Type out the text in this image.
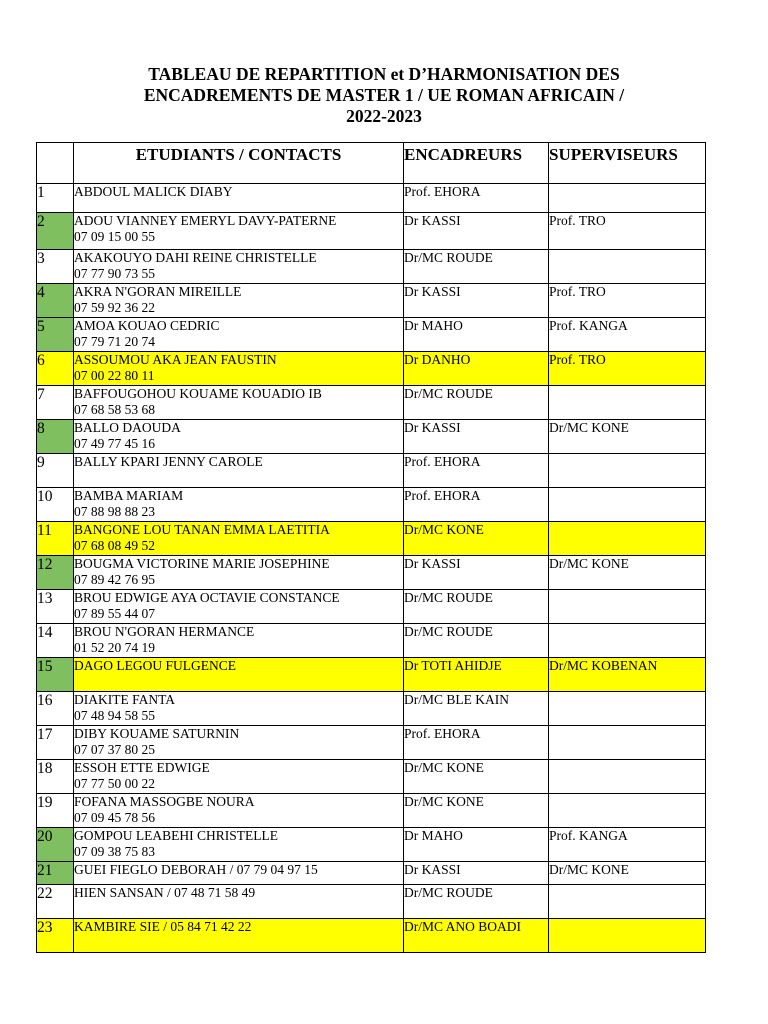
TABLEAU DE REPARTITION et D’HARMONISATION DES
ENCADREMENTS DE MASTER 1 / UE ROMAN AFRICAIN /
2022-2023

	ETUDIANTS / CONTACTS	ENCADREURS	SUPERVISEURS

1	ABDOUL MALICK DIABY	Prof. EHORA	
2	ADOU VIANNEY EMERYL DAVY-PATERNE
07 09 15 00 55	Dr KASSI	Prof. TRO
3	AKAKOUYO DAHI REINE CHRISTELLE
07 77 90 73 55	Dr/MC ROUDE	
4	AKRA N'GORAN MIREILLE
07 59 92 36 22	Dr KASSI	Prof. TRO
5	AMOA KOUAO CEDRIC
07 79 71 20 74	Dr MAHO	Prof. KANGA
6	ASSOUMOU AKA JEAN FAUSTIN
07 00 22 80 11	Dr DANHO	Prof. TRO
7	BAFFOUGOHOU KOUAME KOUADIO IB
07 68 58 53 68	Dr/MC ROUDE	
8	BALLO DAOUDA
07 49 77 45 16	Dr KASSI	Dr/MC KONE
9	BALLY KPARI JENNY CAROLE	Prof. EHORA	
10	BAMBA MARIAM
07 88 98 88 23	Prof. EHORA	
11	BANGONE LOU TANAN EMMA LAETITIA
07 68 08 49 52	Dr/MC KONE	
12	BOUGMA VICTORINE MARIE JOSEPHINE
07 89 42 76 95	Dr KASSI	Dr/MC KONE
13	BROU EDWIGE AYA OCTAVIE CONSTANCE
07 89 55 44 07	Dr/MC ROUDE	
14	BROU N'GORAN HERMANCE
01 52 20 74 19	Dr/MC ROUDE	
15	DAGO LEGOU FULGENCE	Dr TOTI AHIDJE	Dr/MC KOBENAN
16	DIAKITE FANTA
07 48 94 58 55	Dr/MC BLE KAIN	
17	DIBY KOUAME SATURNIN
07 07 37 80 25	Prof. EHORA	
18	ESSOH ETTE EDWIGE
07 77 50 00 22	Dr/MC KONE	
19	FOFANA MASSOGBE NOURA
07 09 45 78 56	Dr/MC KONE	
20	GOMPOU LEABEHI CHRISTELLE
07 09 38 75 83	Dr MAHO	Prof. KANGA
21	GUEI FIEGLO DEBORAH / 07 79 04 97 15	Dr KASSI	Dr/MC KONE
22	HIEN SANSAN / 07 48 71 58 49	Dr/MC ROUDE	
23	KAMBIRE SIE / 05 84 71 42 22	Dr/MC ANO BOADI	
